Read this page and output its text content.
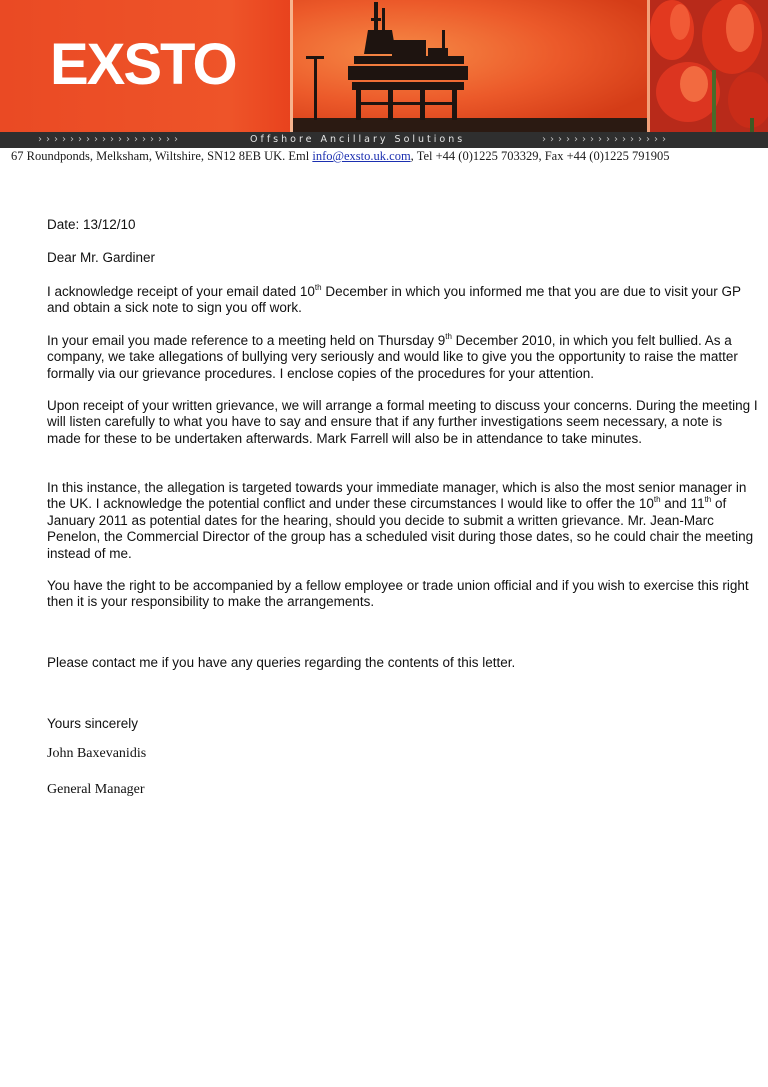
EXSTO
››››››››››››››››››	Offshore Ancillary Solutions	››››››››››››››››
67 Roundponds, Melksham, Wiltshire, SN12 8EB UK. Eml info@exsto.uk.com, Tel +44 (0)1225 703329, Fax +44 (0)1225 791905

Date: 13/12/10

Dear Mr. Gardiner

I acknowledge receipt of your email dated 10th December in which you informed me that you are due to visit your GP and obtain a sick note to sign you off work.

In your email you made reference to a meeting held on Thursday 9th December 2010, in which you felt bullied. As a company, we take allegations of bullying very seriously and would like to give you the opportunity to raise the matter formally via our grievance procedures. I enclose copies of the procedures for your attention.

Upon receipt of your written grievance, we will arrange a formal meeting to discuss your concerns. During the meeting I will listen carefully to what you have to say and ensure that if any further investigations seem necessary, a note is made for these to be undertaken afterwards. Mark Farrell will also be in attendance to take minutes.

In this instance, the allegation is targeted towards your immediate manager, which is also the most senior manager in the UK. I acknowledge the potential conflict and under these circumstances I would like to offer the 10th and 11th of January 2011 as potential dates for the hearing, should you decide to submit a written grievance. Mr. Jean-Marc Penelon, the Commercial Director of the group has a scheduled visit during those dates, so he could chair the meeting instead of me.

You have the right to be accompanied by a fellow employee or trade union official and if you wish to exercise this right then it is your responsibility to make the arrangements.

Please contact me if you have any queries regarding the contents of this letter.

Yours sincerely

John Baxevanidis

General Manager
